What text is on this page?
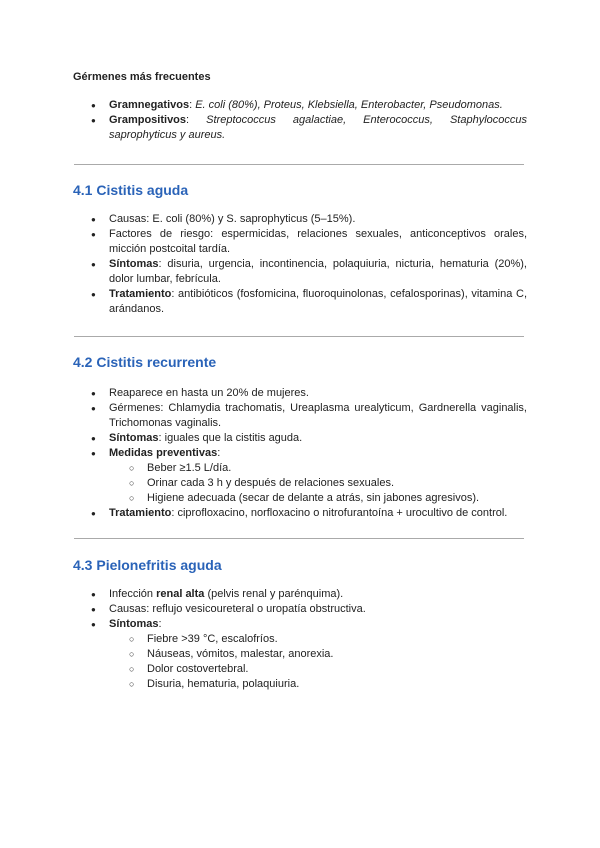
Gérmenes más frecuentes
● Gramnegativos: E. coli (80%), Proteus, Klebsiella, Enterobacter, Pseudomonas.
● Grampositivos: Streptococcus agalactiae, Enterococcus, Staphylococcus saprophyticus y aureus.
4.1 Cistitis aguda
● Causas: E. coli (80%) y S. saprophyticus (5–15%).
● Factores de riesgo: espermicidas, relaciones sexuales, anticonceptivos orales, micción postcoital tardía.
● Síntomas: disuria, urgencia, incontinencia, polaquiuria, nicturia, hematuria (20%), dolor lumbar, febrícula.
● Tratamiento: antibióticos (fosfomicina, fluoroquinolonas, cefalosporinas), vitamina C, arándanos.
4.2 Cistitis recurrente
● Reaparece en hasta un 20% de mujeres.
● Gérmenes: Chlamydia trachomatis, Ureaplasma urealyticum, Gardnerella vaginalis, Trichomonas vaginalis.
● Síntomas: iguales que la cistitis aguda.
● Medidas preventivas:
○ Beber ≥1.5 L/día.
○ Orinar cada 3 h y después de relaciones sexuales.
○ Higiene adecuada (secar de delante a atrás, sin jabones agresivos).
● Tratamiento: ciprofloxacino, norfloxacino o nitrofurantoína + urocultivo de control.
4.3 Pielonefritis aguda
● Infección renal alta (pelvis renal y parénquima).
● Causas: reflujo vesicoureteral o uropatía obstructiva.
● Síntomas:
○ Fiebre >39 °C, escalofríos.
○ Náuseas, vómitos, malestar, anorexia.
○ Dolor costovertebral.
○ Disuria, hematuria, polaquiuria.
